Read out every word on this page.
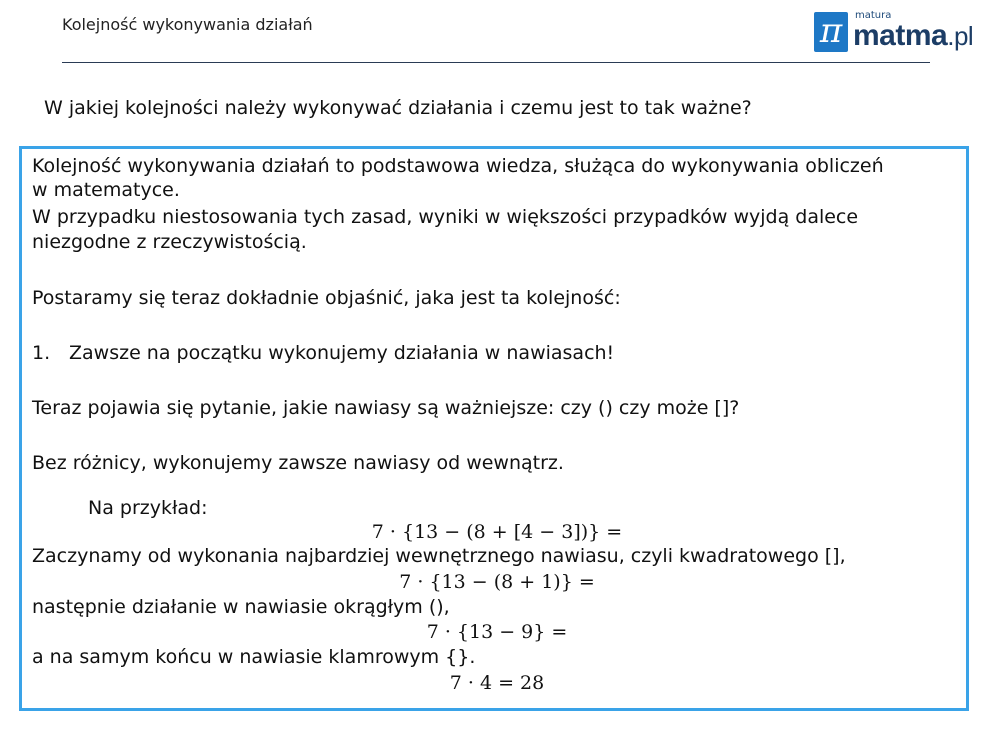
Kolejność wykonywania działań	π	matura
matma.pl
W jakiej kolejności należy wykonywać działania i czemu jest to tak ważne?
Kolejność wykonywania działań to podstawowa wiedza, służąca do wykonywania obliczeń
w matematyce.
W przypadku niestosowania tych zasad, wyniki w większości przypadków wyjdą dalece
niezgodne z rzeczywistością.
Postaramy się teraz dokładnie objaśnić, jaka jest ta kolejność:
1. Zawsze na początku wykonujemy działania w nawiasach!
Teraz pojawia się pytanie, jakie nawiasy są ważniejsze: czy () czy może []?
Bez różnicy, wykonujemy zawsze nawiasy od wewnątrz.
Na przykład:
7 · {13 − (8 + [4 − 3])} =
Zaczynamy od wykonania najbardziej wewnętrznego nawiasu, czyli kwadratowego [],
7 · {13 − (8 + 1)} =
następnie działanie w nawiasie okrągłym (),
7 · {13 − 9} =
a na samym końcu w nawiasie klamrowym {}.
7 · 4 = 28
